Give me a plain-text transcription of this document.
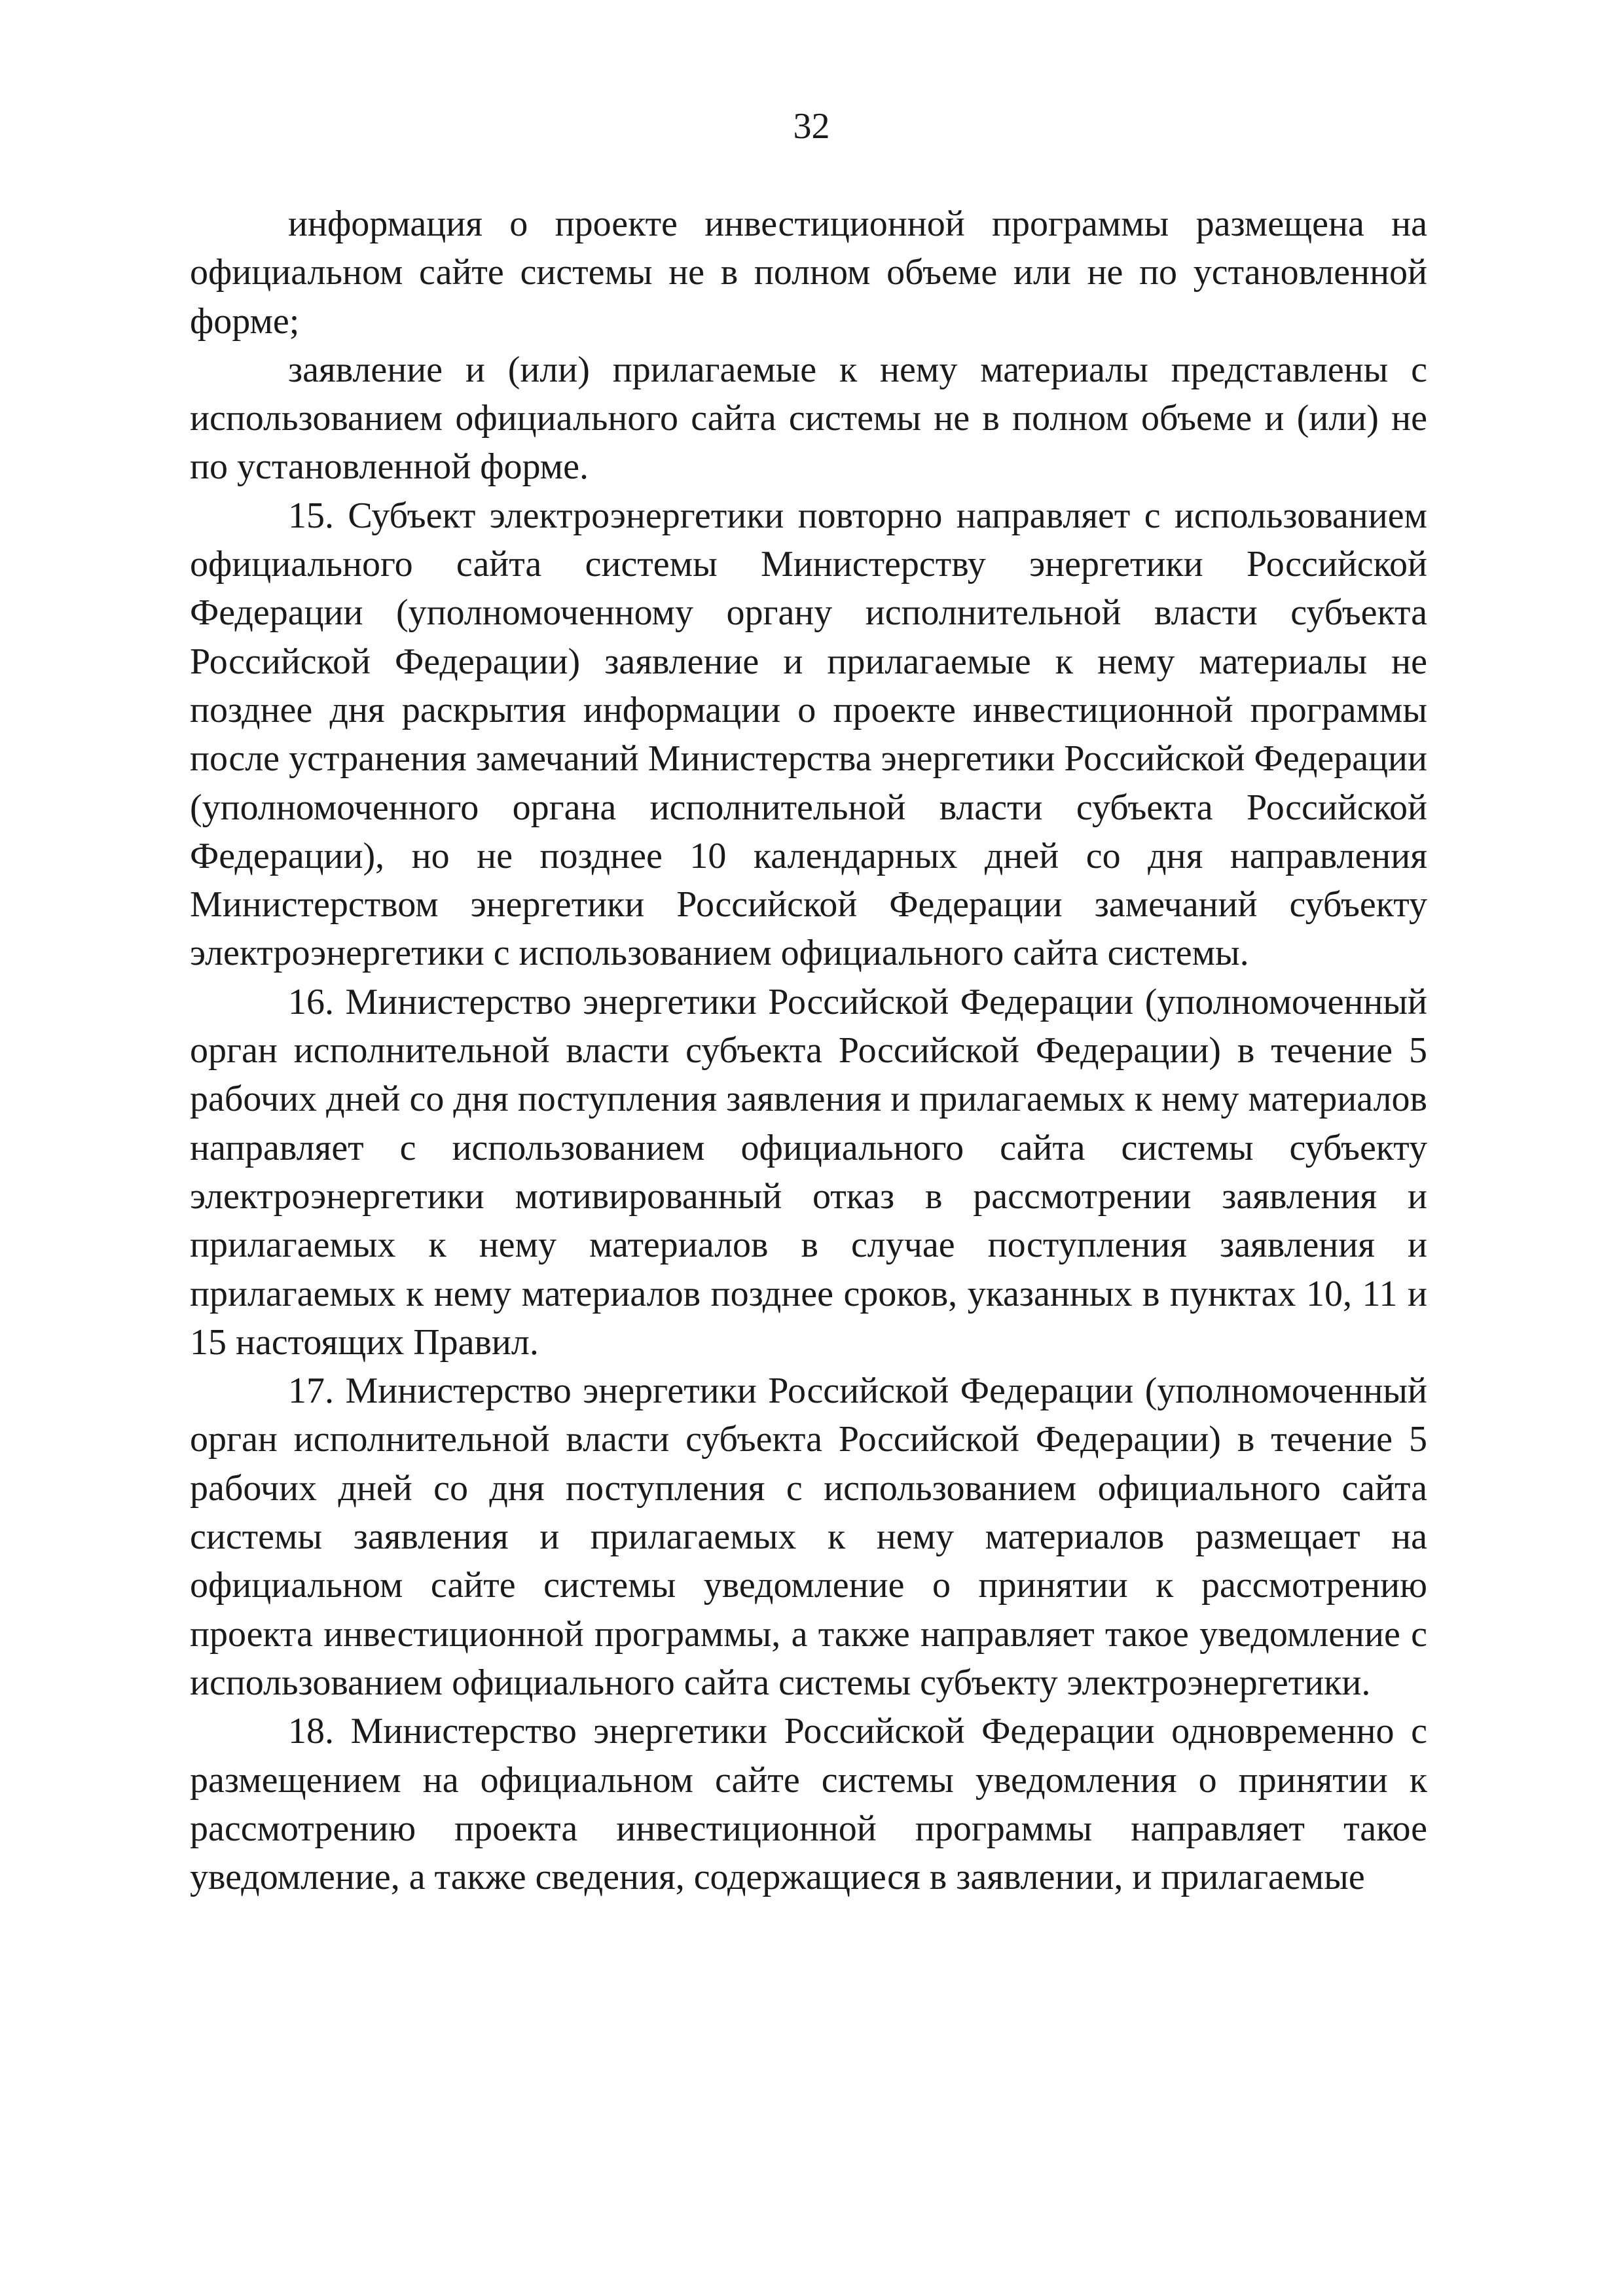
32

информация о проекте инвестиционной программы размещена на официальном сайте системы не в полном объеме или не по установленной форме;

заявление и (или) прилагаемые к нему материалы представлены с использованием официального сайта системы не в полном объеме и (или) не по установленной форме.

15. Субъект электроэнергетики повторно направляет с использованием официального сайта системы Министерству энергетики Российской Федерации (уполномоченному органу исполнительной власти субъекта Российской Федерации) заявление и прилагаемые к нему материалы не позднее дня раскрытия информации о проекте инвестиционной программы после устранения замечаний Министерства энергетики Российской Федерации (уполномоченного органа исполнительной власти субъекта Российской Федерации), но не позднее 10 календарных дней со дня направления Министерством энергетики Российской Федерации замечаний субъекту электроэнергетики с использованием официального сайта системы.

16. Министерство энергетики Российской Федерации (уполномоченный орган исполнительной власти субъекта Российской Федерации) в течение 5 рабочих дней со дня поступления заявления и прилагаемых к нему материалов направляет с использованием официального сайта системы субъекту электроэнергетики мотивированный отказ в рассмотрении заявления и прилагаемых к нему материалов в случае поступления заявления и прилагаемых к нему материалов позднее сроков, указанных в пунктах 10, 11 и 15 настоящих Правил.

17. Министерство энергетики Российской Федерации (уполномоченный орган исполнительной власти субъекта Российской Федерации) в течение 5 рабочих дней со дня поступления с использованием официального сайта системы заявления и прилагаемых к нему материалов размещает на официальном сайте системы уведомление о принятии к рассмотрению проекта инвестиционной программы, а также направляет такое уведомление с использованием официального сайта системы субъекту электроэнергетики.

18. Министерство энергетики Российской Федерации одновременно с размещением на официальном сайте системы уведомления о принятии к рассмотрению проекта инвестиционной программы направляет такое уведомление, а также сведения, содержащиеся в заявлении, и прилагаемые
